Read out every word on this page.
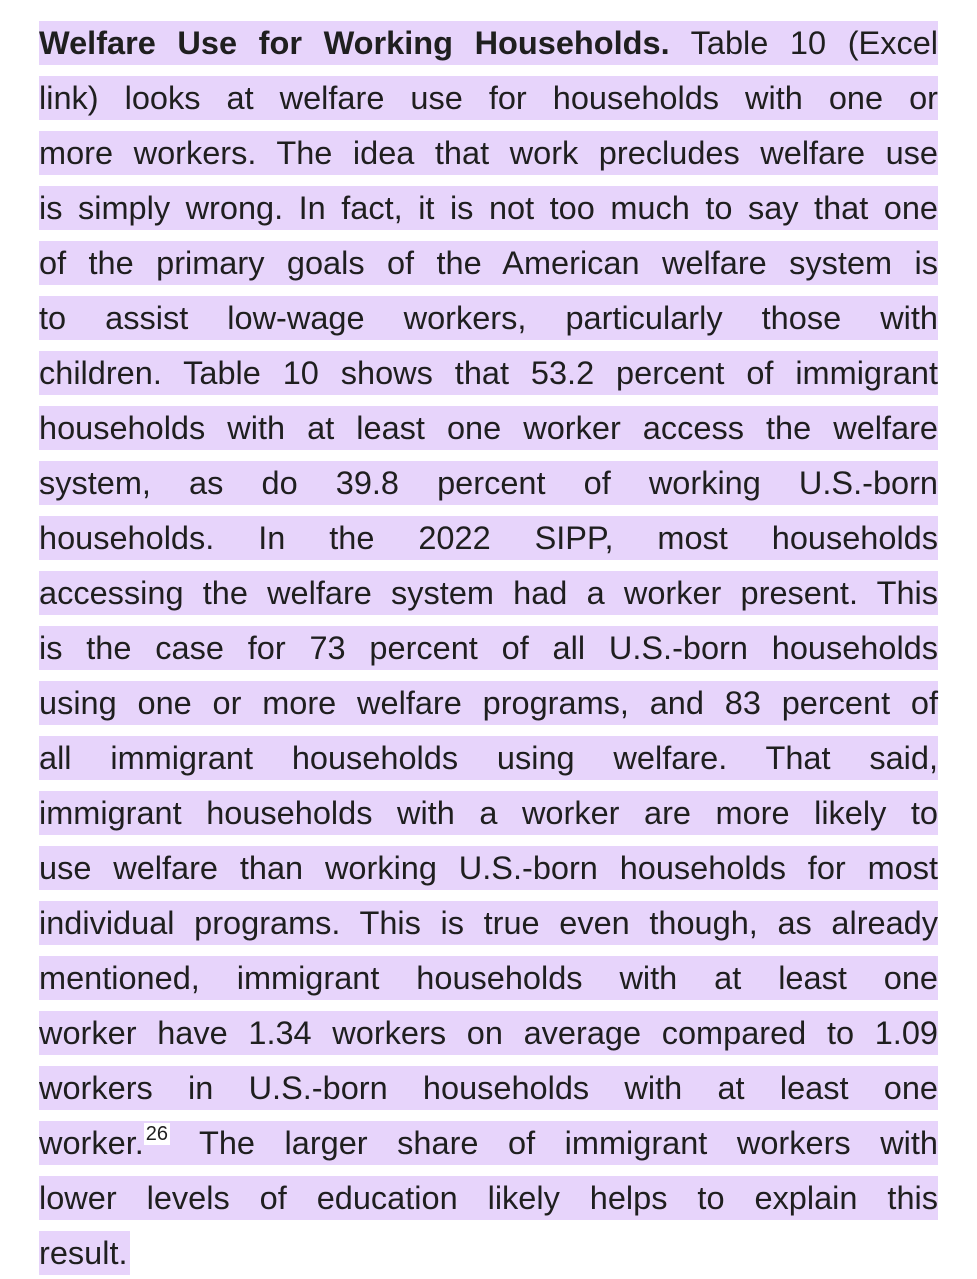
Welfare Use for Working Households. Table 10 (Excel
link) looks at welfare use for households with one or
more workers. The idea that work precludes welfare use
is simply wrong. In fact, it is not too much to say that one
of the primary goals of the American welfare system is
to assist low-wage workers, particularly those with
children. Table 10 shows that 53.2 percent of immigrant
households with at least one worker access the welfare
system, as do 39.8 percent of working U.S.-born
households. In the 2022 SIPP, most households
accessing the welfare system had a worker present. This
is the case for 73 percent of all U.S.-born households
using one or more welfare programs, and 83 percent of
all immigrant households using welfare. That said,
immigrant households with a worker are more likely to
use welfare than working U.S.-born households for most
individual programs. This is true even though, as already
mentioned, immigrant households with at least one
worker have 1.34 workers on average compared to 1.09
workers in U.S.-born households with at least one
worker. $^{26}$ The larger share of immigrant workers with
lower levels of education likely helps to explain this
result.
